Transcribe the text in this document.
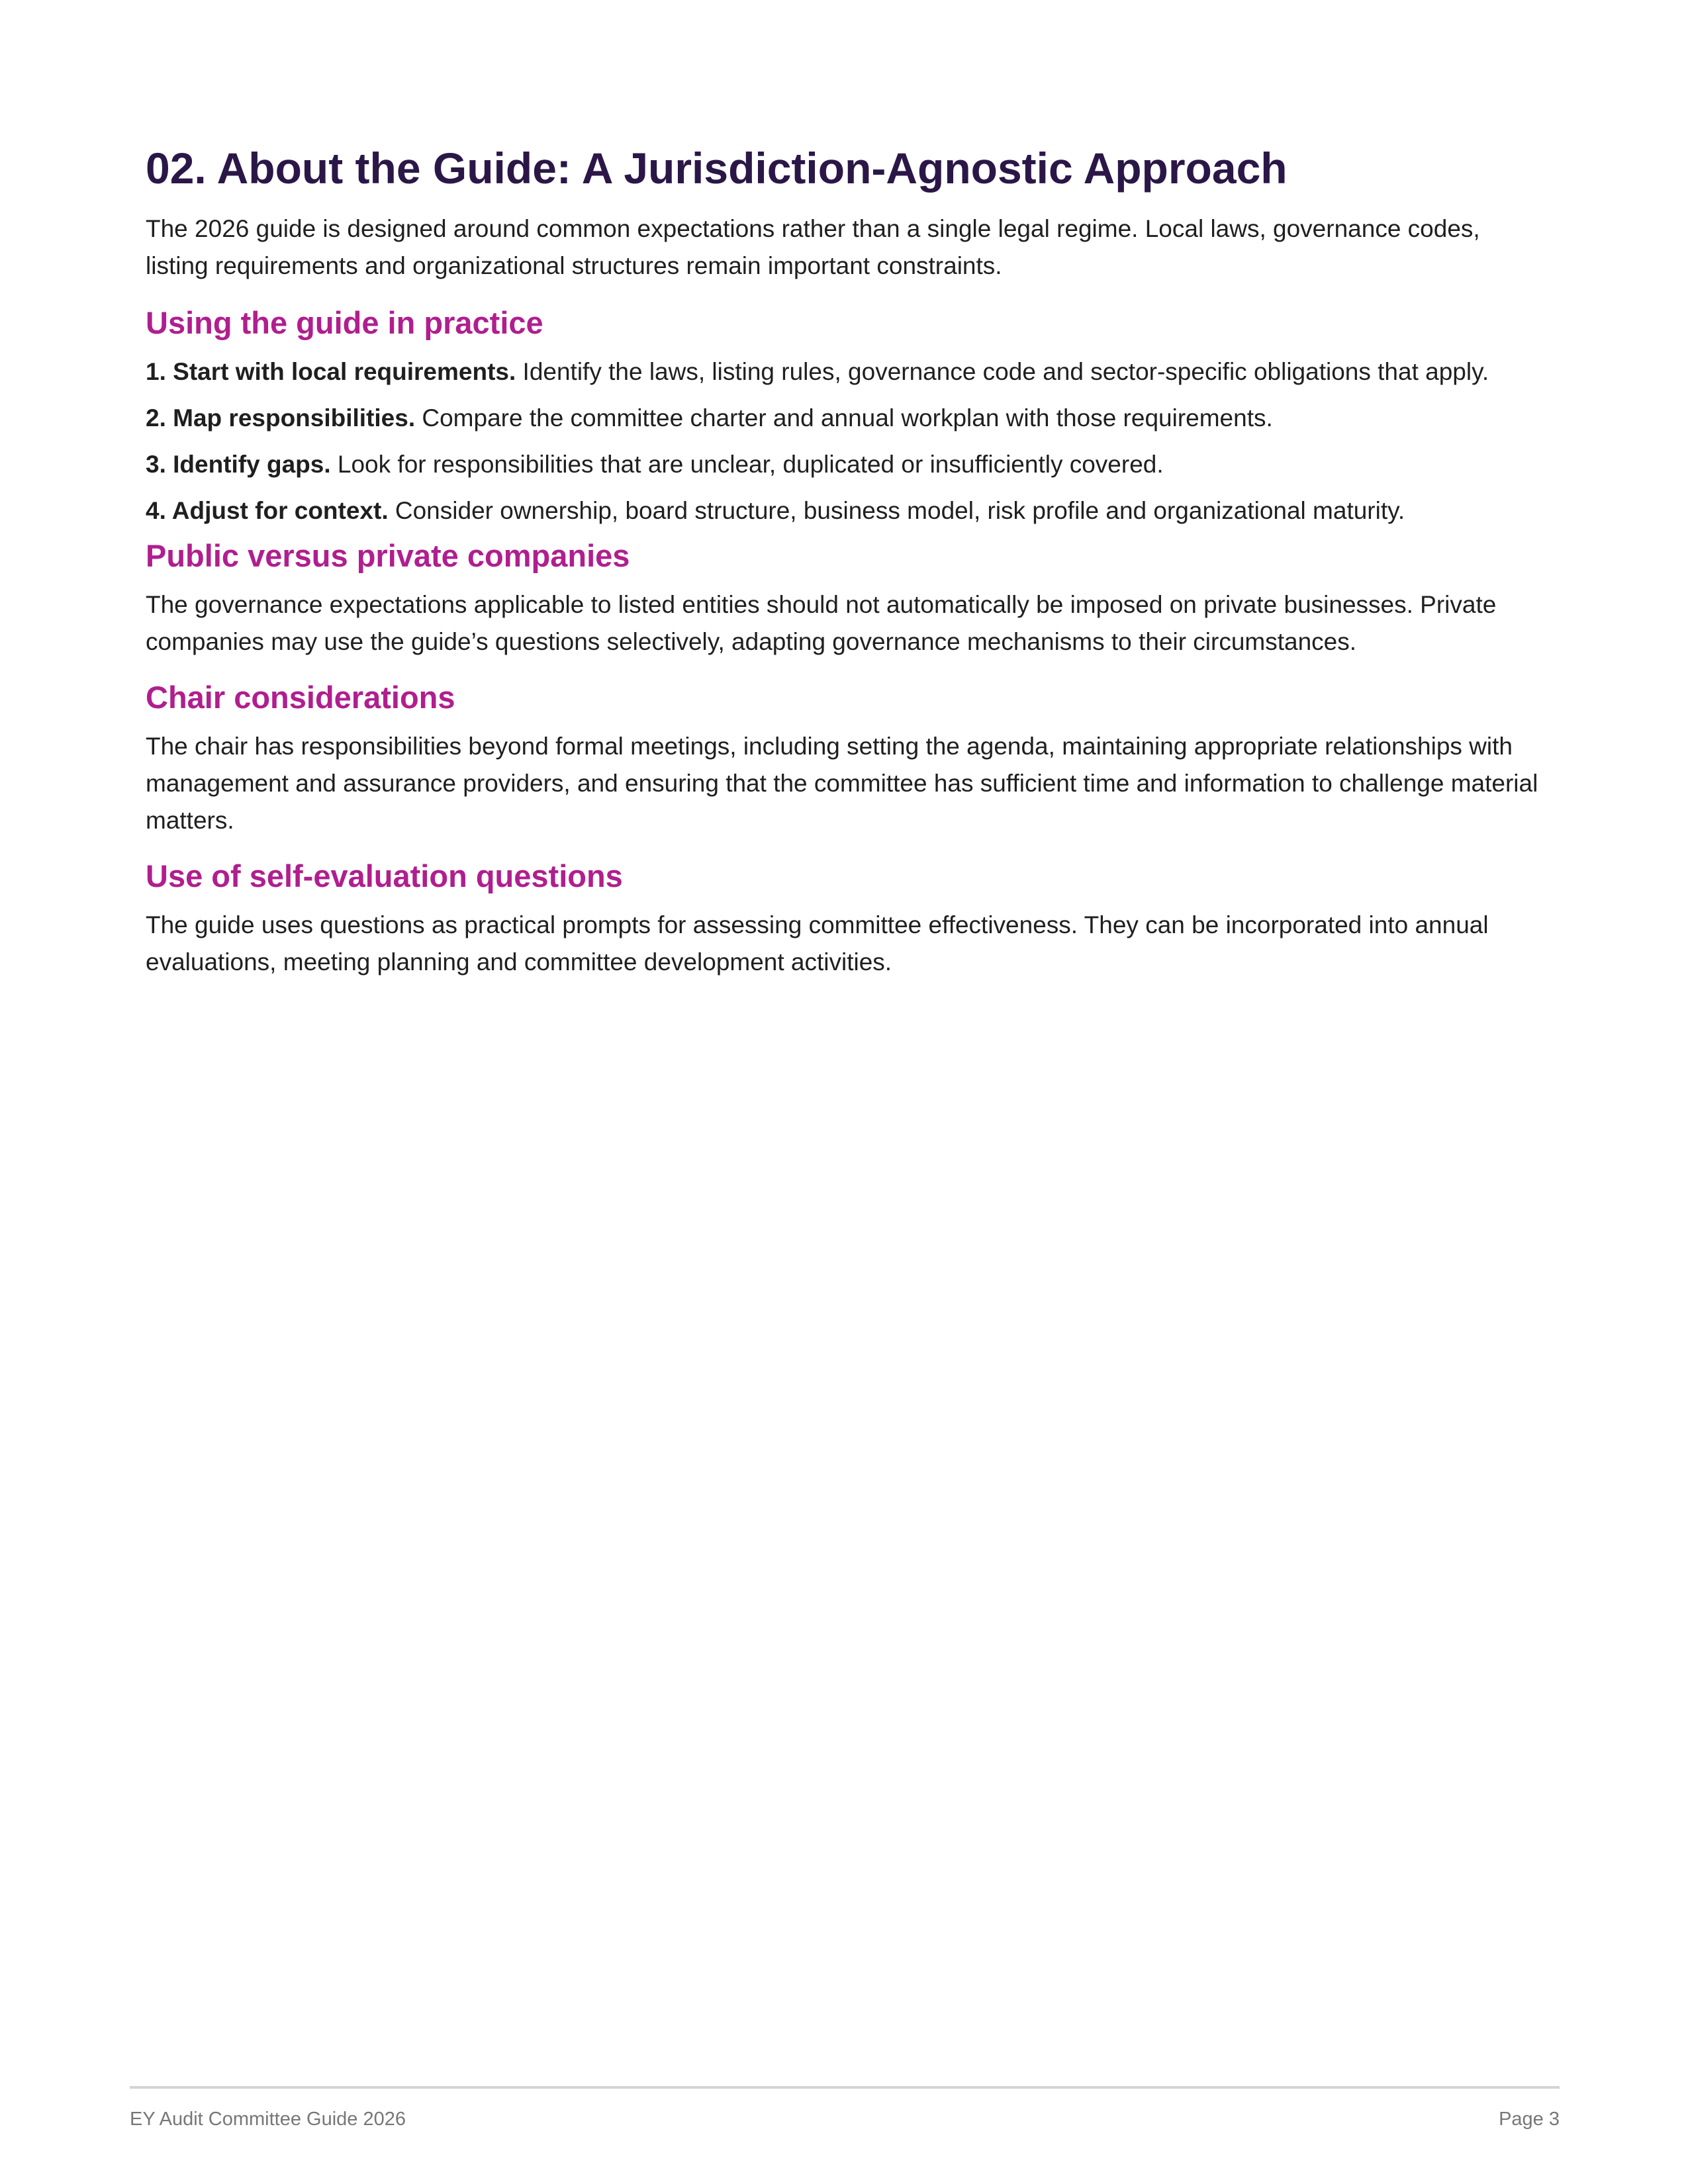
02. About the Guide: A Jurisdiction-Agnostic Approach

The 2026 guide is designed around common expectations rather than a single legal regime. Local laws, governance codes, listing requirements and organizational structures remain important constraints.

Using the guide in practice
1. Start with local requirements. Identify the laws, listing rules, governance code and sector-specific obligations that apply.
2. Map responsibilities. Compare the committee charter and annual workplan with those requirements.
3. Identify gaps. Look for responsibilities that are unclear, duplicated or insufficiently covered.
4. Adjust for context. Consider ownership, board structure, business model, risk profile and organizational maturity.
Public versus private companies

The governance expectations applicable to listed entities should not automatically be imposed on private businesses. Private companies may use the guide’s questions selectively, adapting governance mechanisms to their circumstances.

Chair considerations

The chair has responsibilities beyond formal meetings, including setting the agenda, maintaining appropriate relationships with management and assurance providers, and ensuring that the committee has sufficient time and information to challenge material matters.

Use of self-evaluation questions

The guide uses questions as practical prompts for assessing committee effectiveness. They can be incorporated into annual evaluations, meeting planning and committee development activities.

EY Audit Committee Guide 2026	Page 3
